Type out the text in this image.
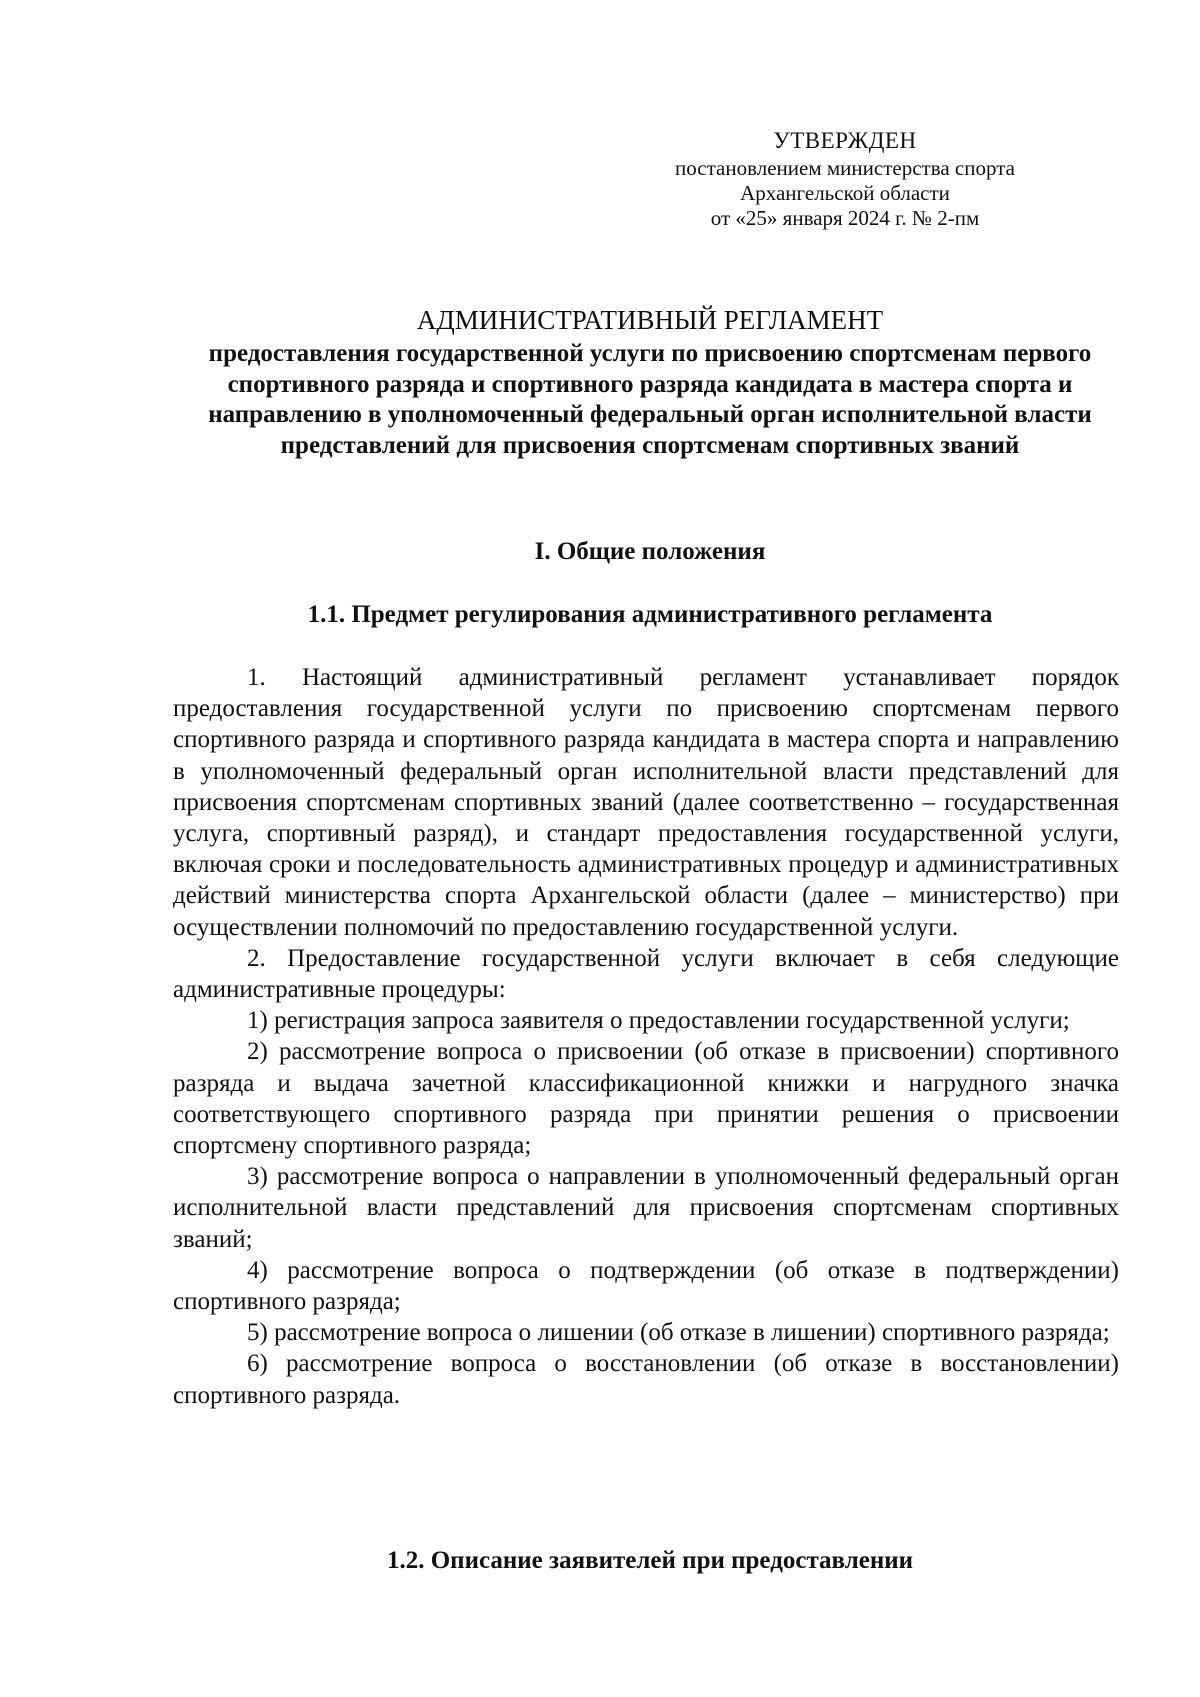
УТВЕРЖДЕН
постановлением министерства спорта
Архангельской области
от «25» января 2024 г. № 2-пм
АДМИНИСТРАТИВНЫЙ РЕГЛАМЕНТ
предоставления государственной услуги по присвоению спортсменам первого спортивного разряда и спортивного разряда кандидата в мастера спорта и направлению в уполномоченный федеральный орган исполнительной власти представлений для присвоения спортсменам спортивных званий
I. Общие положения
1.1. Предмет регулирования административного регламента

1. Настоящий административный регламент устанавливает порядок предоставления государственной услуги по присвоению спортсменам первого спортивного разряда и спортивного разряда кандидата в мастера спорта и направлению в уполномоченный федеральный орган исполнительной власти представлений для присвоения спортсменам спортивных званий (далее соответственно – государственная услуга, спортивный разряд), и стандарт предоставления государственной услуги, включая сроки и последовательность административных процедур и административных действий министерства спорта Архангельской области (далее – министерство) при осуществлении полномочий по предоставлению государственной услуги.

2. Предоставление государственной услуги включает в себя следующие административные процедуры:

1) регистрация запроса заявителя о предоставлении государственной услуги;

2) рассмотрение вопроса о присвоении (об отказе в присвоении) спортивного разряда и выдача зачетной классификационной книжки и нагрудного значка соответствующего спортивного разряда при принятии решения о присвоении спортсмену спортивного разряда;

3) рассмотрение вопроса о направлении в уполномоченный федеральный орган исполнительной власти представлений для присвоения спортсменам спортивных званий;

4) рассмотрение вопроса о подтверждении (об отказе в подтверждении) спортивного разряда;

5) рассмотрение вопроса о лишении (об отказе в лишении) спортивного разряда;

6) рассмотрение вопроса о восстановлении (об отказе в восстановлении) спортивного разряда.

1.2. Описание заявителей при предоставлении
